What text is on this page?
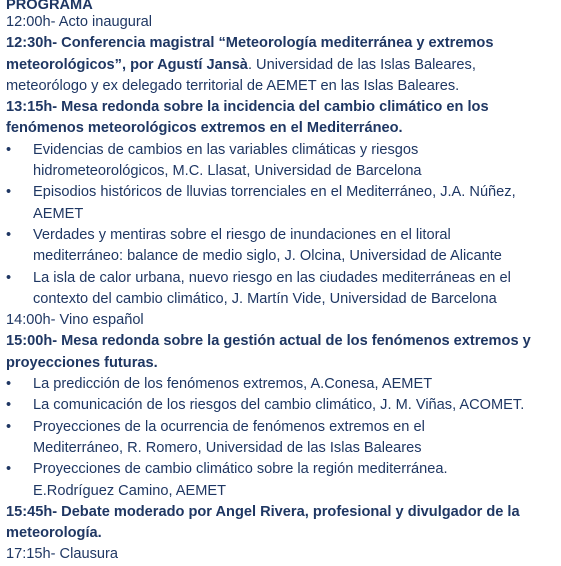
PROGRAMA
12:00h- Acto inaugural
12:30h- Conferencia magistral “Meteorología mediterránea y extremos
meteorológicos”, por Agustí Jansà. Universidad de las Islas Baleares,
meteorólogo y ex delegado territorial de AEMET en las Islas Baleares.
13:15h- Mesa redonda sobre la incidencia del cambio climático en los
fenómenos meteorológicos extremos en el Mediterráneo.
•	Evidencias de cambios en las variables climáticas y riesgos
hidrometeorológicos, M.C. Llasat, Universidad de Barcelona
•	Episodios históricos de lluvias torrenciales en el Mediterráneo, J.A. Núñez,
AEMET
•	Verdades y mentiras sobre el riesgo de inundaciones en el litoral
mediterráneo: balance de medio siglo, J. Olcina, Universidad de Alicante
•	La isla de calor urbana, nuevo riesgo en las ciudades mediterráneas en el
contexto del cambio climático, J. Martín Vide, Universidad de Barcelona
14:00h- Vino español
15:00h- Mesa redonda sobre la gestión actual de los fenómenos extremos y
proyecciones futuras.
•	La predicción de los fenómenos extremos, A.Conesa, AEMET
•	La comunicación de los riesgos del cambio climático, J. M. Viñas, ACOMET.
•	Proyecciones de la ocurrencia de fenómenos extremos en el
Mediterráneo, R. Romero, Universidad de las Islas Baleares
•	Proyecciones de cambio climático sobre la región mediterránea.
E.Rodríguez Camino, AEMET
15:45h- Debate moderado por Angel Rivera, profesional y divulgador de la
meteorología.
17:15h- Clausura
